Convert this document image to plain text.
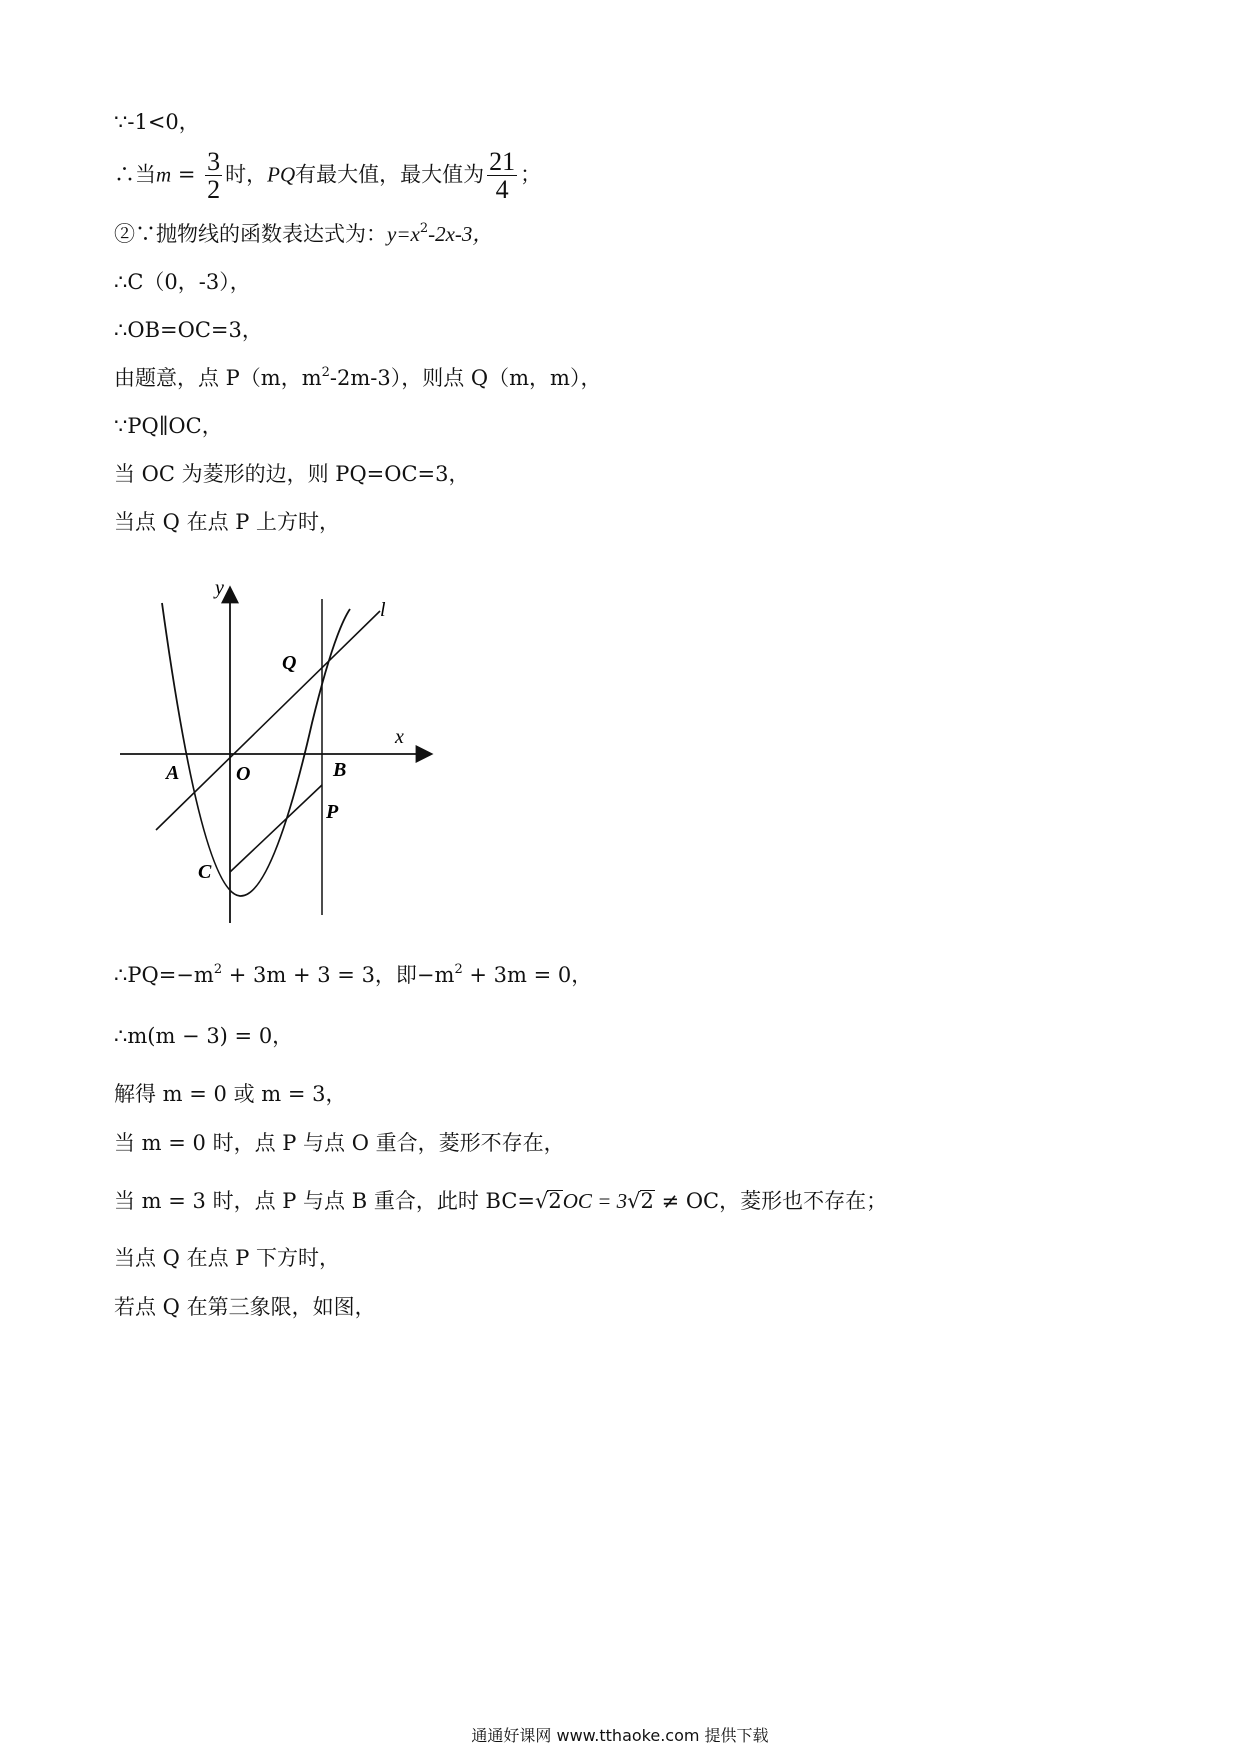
∵-1<0，
∴当$m = \frac{3}{2}$ 时，PQ有最大值，最大值为 $\frac{21}{4}$ ；
②∵抛物线的函数表达式为：$y=x^2-2x-3$，
∴C（0，-3），
∴OB=OC=3，
由题意，点 P（m，$m^2-2m-3$），则点 Q（m，m），
∵PQ∥OC，
当 OC 为菱形的边，则 PQ=OC=3，
当点 Q 在点 P 上方时，
y
x
l
Q
A	O	B
P
C
$\therefore PQ=-m^2 + 3m + 3 = 3$，即$-m^2 + 3m = 0$，
∴m(m − 3) = 0，
解得 m = 0 或 m = 3，
当 m = 0 时，点 P 与点 O 重合，菱形不存在，
当 m = 3 时，点 P 与点 B 重合，此时 BC=√2OC = 3√2 ≠ OC，菱形也不存在；
当点 Q 在点 P 下方时，
若点 Q 在第三象限，如图，
通通好课网 www.tthaoke.com 提供下载
